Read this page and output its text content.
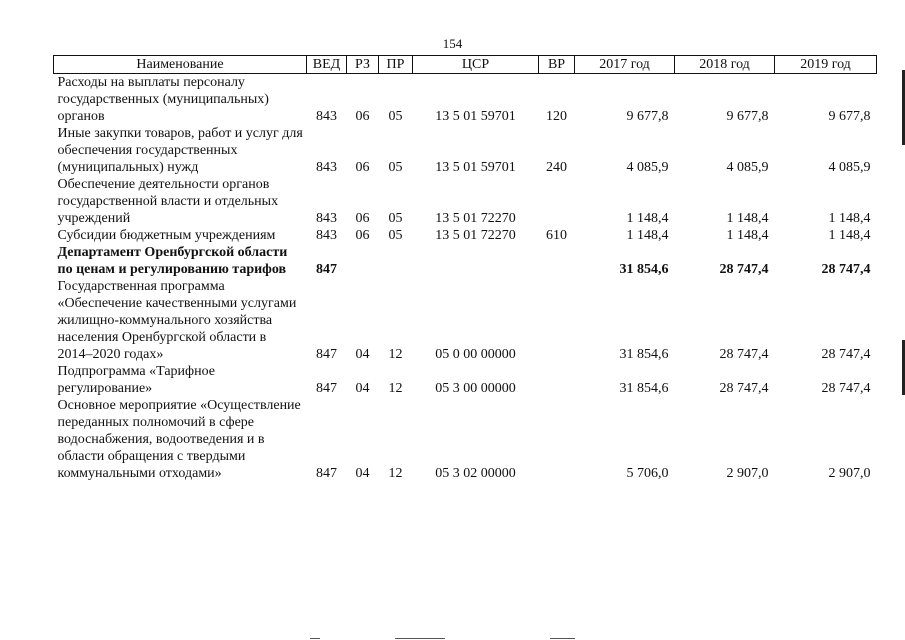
154
Наименование	ВЕД	РЗ	ПР	ЦСР	ВР	2017 год	2018 год	2019 год
Расходы на выплаты персоналу государственных (муниципальных) органов	843	06	05	13 5 01 59701	120	9 677,8	9 677,8	9 677,8
Иные закупки товаров, работ и услуг для обеспечения государственных (муниципальных) нужд	843	06	05	13 5 01 59701	240	4 085,9	4 085,9	4 085,9
Обеспечение деятельности органов государственной власти и отдельных учреждений	843	06	05	13 5 01 72270		1 148,4	1 148,4	1 148,4
Субсидии бюджетным учреждениям	843	06	05	13 5 01 72270	610	1 148,4	1 148,4	1 148,4
Департамент Оренбургской области по ценам и регулированию тарифов	847					31 854,6	28 747,4	28 747,4
Государственная программа «Обеспечение качественными услугами жилищно-коммунального хозяйства населения Оренбургской области в 2014–2020 годах»	847	04	12	05 0 00 00000		31 854,6	28 747,4	28 747,4
Подпрограмма «Тарифное регулирование»	847	04	12	05 3 00 00000		31 854,6	28 747,4	28 747,4
Основное мероприятие «Осуществление переданных полномочий в сфере водоснабжения, водоотведения и в области обращения с твердыми коммунальными отходами»	847	04	12	05 3 02 00000		5 706,0	2 907,0	2 907,0
